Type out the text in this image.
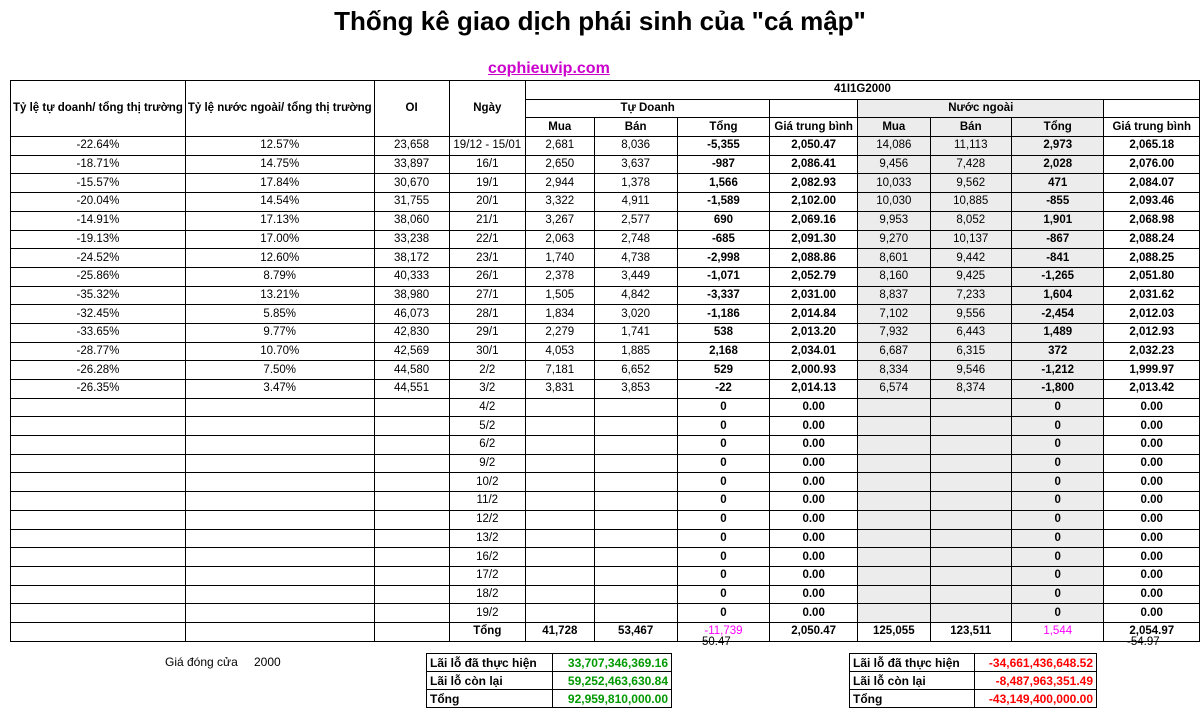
Thống kê giao dịch phái sinh của "cá mập"
cophieuvip.com
Tỷ lệ tự doanh/ tổng thị trường	Tỷ lệ nước ngoài/ tổng thị trường	OI	Ngày	41I1G2000							
				Tự Doanh				Nước ngoài			
				Mua	Bán	Tổng	Giá trung bình	Mua	Bán	Tổng	Giá trung bình
-22.64%	12.57%	23,658	19/12 - 15/01	2,681	8,036	-5,355	2,050.47	14,086	11,113	2,973	2,065.18
-18.71%	14.75%	33,897	16/1	2,650	3,637	-987	2,086.41	9,456	7,428	2,028	2,076.00
-15.57%	17.84%	30,670	19/1	2,944	1,378	1,566	2,082.93	10,033	9,562	471	2,084.07
-20.04%	14.54%	31,755	20/1	3,322	4,911	-1,589	2,102.00	10,030	10,885	-855	2,093.46
-14.91%	17.13%	38,060	21/1	3,267	2,577	690	2,069.16	9,953	8,052	1,901	2,068.98
-19.13%	17.00%	33,238	22/1	2,063	2,748	-685	2,091.30	9,270	10,137	-867	2,088.24
-24.52%	12.60%	38,172	23/1	1,740	4,738	-2,998	2,088.86	8,601	9,442	-841	2,088.25
-25.86%	8.79%	40,333	26/1	2,378	3,449	-1,071	2,052.79	8,160	9,425	-1,265	2,051.80
-35.32%	13.21%	38,980	27/1	1,505	4,842	-3,337	2,031.00	8,837	7,233	1,604	2,031.62
-32.45%	5.85%	46,073	28/1	1,834	3,020	-1,186	2,014.84	7,102	9,556	-2,454	2,012.03
-33.65%	9.77%	42,830	29/1	2,279	1,741	538	2,013.20	7,932	6,443	1,489	2,012.93
-28.77%	10.70%	42,569	30/1	4,053	1,885	2,168	2,034.01	6,687	6,315	372	2,032.23
-26.28%	7.50%	44,580	2/2	7,181	6,652	529	2,000.93	8,334	9,546	-1,212	1,999.97
-26.35%	3.47%	44,551	3/2	3,831	3,853	-22	2,014.13	6,574	8,374	-1,800	2,013.42
			4/2			0	0.00			0	0.00
			5/2			0	0.00			0	0.00
			6/2			0	0.00			0	0.00
			9/2			0	0.00			0	0.00
			10/2			0	0.00			0	0.00
			11/2			0	0.00			0	0.00
			12/2			0	0.00			0	0.00
			13/2			0	0.00			0	0.00
			16/2			0	0.00			0	0.00
			17/2			0	0.00			0	0.00
			18/2			0	0.00			0	0.00
			19/2			0	0.00			0	0.00
			Tổng	41,728	53,467	-11,739	2,050.47	125,055	123,511	1,544	2,054.97
50.47	-54.97
Giá đóng cửa 2000	Lãi lỗ đã thực hiện	33,707,346,369.16
Lãi lỗ còn lại	59,252,463,630.84
Tổng	92,959,810,000.00
Lãi lỗ đã thực hiện	-34,661,436,648.52
Lãi lỗ còn lại	-8,487,963,351.49
Tổng	-43,149,400,000.00
